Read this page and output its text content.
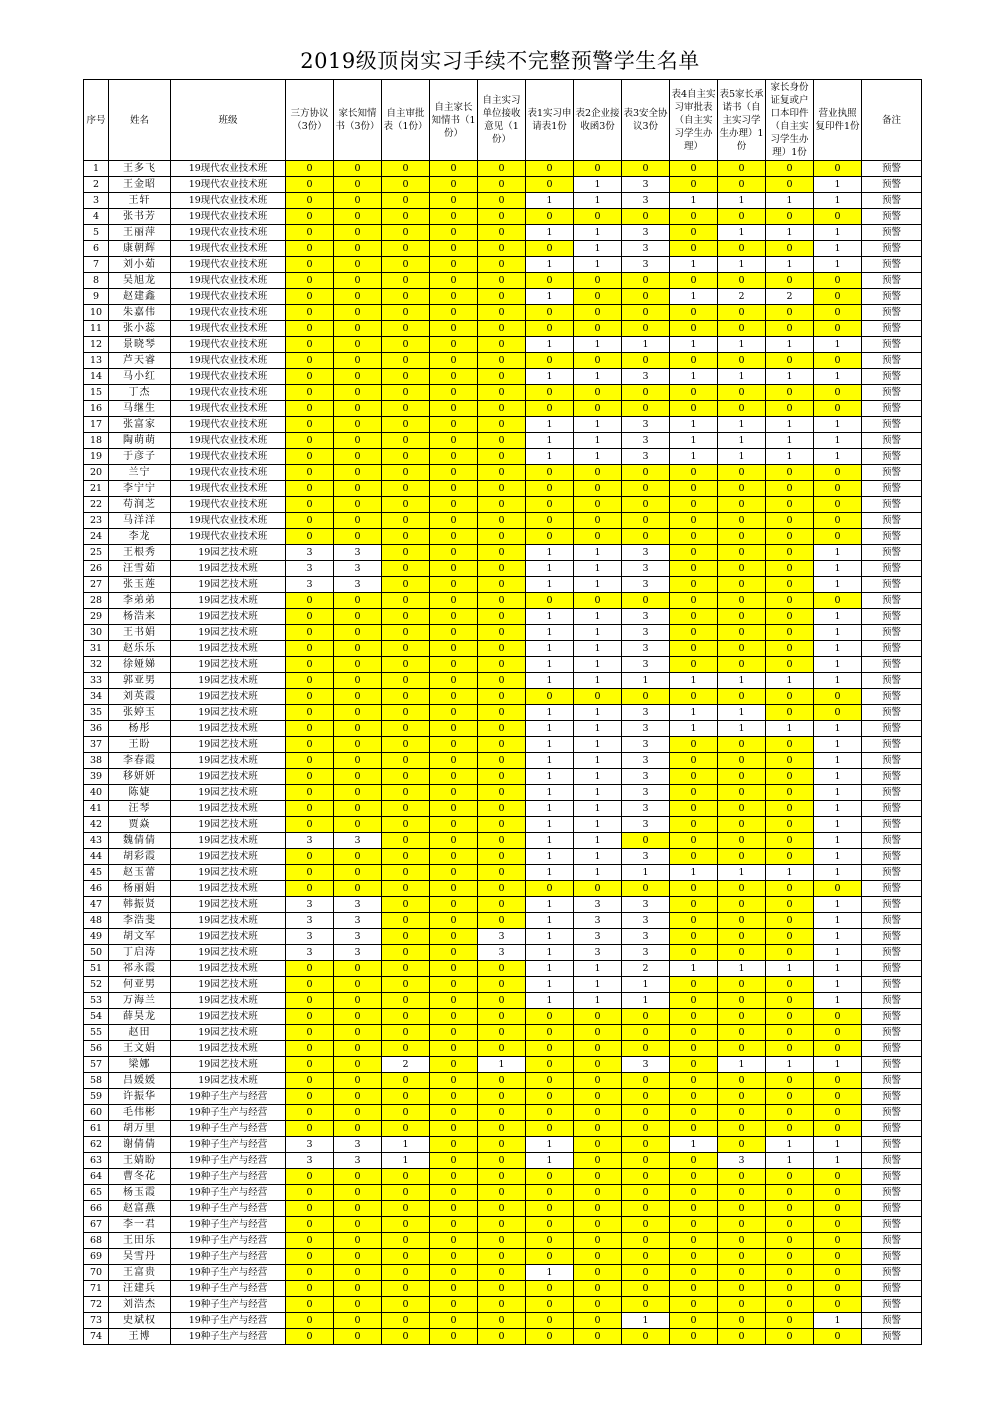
2019级顶岗实习手续不完整预警学生名单
序号	姓名	班级	三方协议（3份）	家长知情书（3份）	自主审批表（1份）	自主家长知情书（1份）	自主实习单位接收意见（1份）	表1实习申请表1份	表2企业接收函3份	表3安全协议3份	表4自主实习审批表（自主实习学生办理）	表5家长承诺书（自主实习学生办理）1份	家长身份证复或户口本印件（自主实习学生办理）1份	营业执照复印件1份	备注
1	王多飞	19现代农业技术班	0	0	0	0	0	0	0	0	0	0	0	0	预警
2	王金昭	19现代农业技术班	0	0	0	0	0	0	1	3	0	0	0	1	预警
3	王轩	19现代农业技术班	0	0	0	0	0	1	1	3	1	1	1	1	预警
4	张书芳	19现代农业技术班	0	0	0	0	0	0	0	0	0	0	0	0	预警
5	王丽萍	19现代农业技术班	0	0	0	0	0	1	1	3	0	1	1	1	预警
6	康朝辉	19现代农业技术班	0	0	0	0	0	0	1	3	0	0	0	1	预警
7	刘小茹	19现代农业技术班	0	0	0	0	0	1	1	3	1	1	1	1	预警
8	吴旭龙	19现代农业技术班	0	0	0	0	0	0	0	0	0	0	0	0	预警
9	赵建鑫	19现代农业技术班	0	0	0	0	0	1	0	0	1	2	2	0	预警
10	朱嘉伟	19现代农业技术班	0	0	0	0	0	0	0	0	0	0	0	0	预警
11	张小蕊	19现代农业技术班	0	0	0	0	0	0	0	0	0	0	0	0	预警
12	景晓琴	19现代农业技术班	0	0	0	0	0	1	1	1	1	1	1	1	预警
13	芦天睿	19现代农业技术班	0	0	0	0	0	0	0	0	0	0	0	0	预警
14	马小红	19现代农业技术班	0	0	0	0	0	1	1	3	1	1	1	1	预警
15	丁杰	19现代农业技术班	0	0	0	0	0	0	0	0	0	0	0	0	预警
16	马继生	19现代农业技术班	0	0	0	0	0	0	0	0	0	0	0	0	预警
17	张富家	19现代农业技术班	0	0	0	0	0	1	1	3	1	1	1	1	预警
18	陶萌萌	19现代农业技术班	0	0	0	0	0	1	1	3	1	1	1	1	预警
19	于彦子	19现代农业技术班	0	0	0	0	0	1	1	3	1	1	1	1	预警
20	兰宁	19现代农业技术班	0	0	0	0	0	0	0	0	0	0	0	0	预警
21	李宁宁	19现代农业技术班	0	0	0	0	0	0	0	0	0	0	0	0	预警
22	苟润芝	19现代农业技术班	0	0	0	0	0	0	0	0	0	0	0	0	预警
23	马洋洋	19现代农业技术班	0	0	0	0	0	0	0	0	0	0	0	0	预警
24	李龙	19现代农业技术班	0	0	0	0	0	0	0	0	0	0	0	0	预警
25	王根秀	19园艺技术班	3	3	0	0	0	1	1	3	0	0	0	1	预警
26	汪雪茹	19园艺技术班	3	3	0	0	0	1	1	3	0	0	0	1	预警
27	张玉莲	19园艺技术班	3	3	0	0	0	1	1	3	0	0	0	1	预警
28	李弟弟	19园艺技术班	0	0	0	0	0	0	0	0	0	0	0	0	预警
29	杨浩来	19园艺技术班	0	0	0	0	0	1	1	3	0	0	0	1	预警
30	王书娟	19园艺技术班	0	0	0	0	0	1	1	3	0	0	0	1	预警
31	赵乐乐	19园艺技术班	0	0	0	0	0	1	1	3	0	0	0	1	预警
32	徐娅娣	19园艺技术班	0	0	0	0	0	1	1	3	0	0	0	1	预警
33	郭亚男	19园艺技术班	0	0	0	0	0	1	1	1	1	1	1	1	预警
34	刘英霞	19园艺技术班	0	0	0	0	0	0	0	0	0	0	0	0	预警
35	张婷玉	19园艺技术班	0	0	0	0	0	1	1	3	1	1	0	0	预警
36	杨彤	19园艺技术班	0	0	0	0	0	1	1	3	1	1	1	1	预警
37	王盼	19园艺技术班	0	0	0	0	0	1	1	3	0	0	0	1	预警
38	李春霞	19园艺技术班	0	0	0	0	0	1	1	3	0	0	0	1	预警
39	移妍妍	19园艺技术班	0	0	0	0	0	1	1	3	0	0	0	1	预警
40	陈婕	19园艺技术班	0	0	0	0	0	1	1	3	0	0	0	1	预警
41	汪琴	19园艺技术班	0	0	0	0	0	1	1	3	0	0	0	1	预警
42	贾焱	19园艺技术班	0	0	0	0	0	1	1	3	0	0	0	1	预警
43	魏倩倩	19园艺技术班	3	3	0	0	0	1	1	0	0	0	0	1	预警
44	胡彩霞	19园艺技术班	0	0	0	0	0	1	1	3	0	0	0	1	预警
45	赵玉蕾	19园艺技术班	0	0	0	0	0	1	1	1	1	1	1	1	预警
46	杨丽娟	19园艺技术班	0	0	0	0	0	0	0	0	0	0	0	0	预警
47	韩振贤	19园艺技术班	3	3	0	0	0	1	3	3	0	0	0	1	预警
48	李浩斐	19园艺技术班	3	3	0	0	0	1	3	3	0	0	0	1	预警
49	胡文军	19园艺技术班	3	3	0	0	3	1	3	3	0	0	0	1	预警
50	丁启涛	19园艺技术班	3	3	0	0	3	1	3	3	0	0	0	1	预警
51	祁永霞	19园艺技术班	0	0	0	0	0	1	1	2	1	1	1	1	预警
52	何亚男	19园艺技术班	0	0	0	0	0	1	1	1	0	0	0	1	预警
53	万海兰	19园艺技术班	0	0	0	0	0	1	1	1	0	0	0	1	预警
54	薛昊龙	19园艺技术班	0	0	0	0	0	0	0	0	0	0	0	0	预警
55	赵田	19园艺技术班	0	0	0	0	0	0	0	0	0	0	0	0	预警
56	王文娟	19园艺技术班	0	0	0	0	0	0	0	0	0	0	0	0	预警
57	梁娜	19园艺技术班	0	0	2	0	1	0	0	3	0	1	1	1	预警
58	吕媛媛	19园艺技术班	0	0	0	0	0	0	0	0	0	0	0	0	预警
59	许振华	19种子生产与经营	0	0	0	0	0	0	0	0	0	0	0	0	预警
60	毛伟彬	19种子生产与经营	0	0	0	0	0	0	0	0	0	0	0	0	预警
61	胡万里	19种子生产与经营	0	0	0	0	0	0	0	0	0	0	0	0	预警
62	谢倩倩	19种子生产与经营	3	3	1	0	0	1	0	0	1	0	1	1	预警
63	王婧盼	19种子生产与经营	3	3	1	0	0	1	0	0	0	3	1	1	预警
64	曹冬花	19种子生产与经营	0	0	0	0	0	0	0	0	0	0	0	0	预警
65	杨玉霞	19种子生产与经营	0	0	0	0	0	0	0	0	0	0	0	0	预警
66	赵富燕	19种子生产与经营	0	0	0	0	0	0	0	0	0	0	0	0	预警
67	李一君	19种子生产与经营	0	0	0	0	0	0	0	0	0	0	0	0	预警
68	王田乐	19种子生产与经营	0	0	0	0	0	0	0	0	0	0	0	0	预警
69	吴雪丹	19种子生产与经营	0	0	0	0	0	0	0	0	0	0	0	0	预警
70	王富贵	19种子生产与经营	0	0	0	0	0	1	0	0	0	0	0	0	预警
71	汪建兵	19种子生产与经营	0	0	0	0	0	0	0	0	0	0	0	0	预警
72	刘浩杰	19种子生产与经营	0	0	0	0	0	0	0	0	0	0	0	0	预警
73	史斌权	19种子生产与经营	0	0	0	0	0	0	0	1	0	0	0	1	预警
74	王博	19种子生产与经营	0	0	0	0	0	0	0	0	0	0	0	0	预警
